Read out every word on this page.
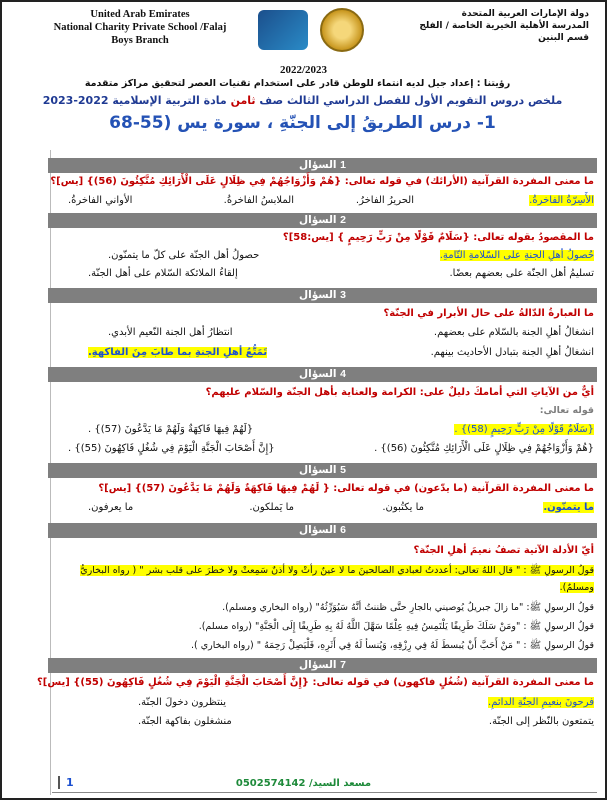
United Arab Emirates
National Charity Private School /Falaj
Boys Branch
دولة الإمارات العربية المتحدة
المدرسة الأهلية الخيرية الخاصة / الفلج
قسم البنين
2022/2023
رؤيتنا : إعداد جيل لديه انتماء للوطن قادر على استخدام تقنيات العصر لتحقيق مراكز متقدمة
ملخص دروس التقويم الأول للفصل الدراسي الثالث صف ثامن مادة التربية الإسلامية 2022-2023
1- درس الطريقُ إلى الجنّةِ ، سورة يس (55-68
1 السؤال
ما معنى المفردة القرآنية (الأرائك) في قوله تعالى: {هُمْ وَأَزْوَاجُهُمْ فِي ظِلَالٍ عَلَى الْأَرَائِكِ مُتَّكِئُونَ (56)} [يس]؟
الأَسِرّةُ الفاخرةُ.
الحريرُ الفاخرُ.
الملابسُ الفاخرةُ.
الأواني الفاخرةُ.
2 السؤال
ما المقصودُ بقوله تعالى: {سَلَامٌ قَوْلًا مِنْ رَبٍّ رَحِيمٍ } [يس:58]؟
حُصولُ أهلِ الجنةِ على السّلامةِ التّامةِ.
حصولُ أهل الجنّة على كلّ ما يتمنّون.
تسليمُ أهل الجنّة على بعضهم بعضًا.
إلقاءُ الملائكة السّلام على أهل الجنّة.
3 السؤال
ما العبارةُ الدّالةُ على حال الأبرار في الجنّة؟
انشغالُ أهلِ الجنة بالسّلام على بعضهم.
انتظارُ أهل الجنة النّعيم الأبدي.
انشغالُ أهلِ الجنة بتبادل الأحاديث بينهم.
تَمَتُّعُ أهلِ الجنةِ بما طابَ مِنَ الفاكهةِ.
4 السؤال
أيٌّ من الآياتِ التي أمامكَ دليلٌ على: الكرامة والعناية بأهل الجنّة والسّلام عليهم؟
قوله تعالى:
{سَلَامٌ قَوْلًا مِنْ رَبٍّ رَحِيمٍ (58)} .
{لَهُمْ فِيهَا فَاكِهَةٌ وَلَهُمْ مَا يَدَّعُونَ (57)} .
{هُمْ وَأَزْوَاجُهُمْ فِي ظِلَالٍ عَلَى الْأَرَائِكِ مُتَّكِئُونَ (56)} .
{إِنَّ أَصْحَابَ الْجَنَّةِ الْيَوْمَ فِي شُغُلٍ فَاكِهُونَ (55)} .
5 السؤال
ما معنى المفردة القرآنية (ما يدّعون) في قوله تعالى: { لَهُمْ فِيهَا فَاكِهَةٌ وَلَهُمْ مَا يَدَّعُونَ (57)} [يس]؟
ما يتمنّون.
ما يكتُبون.
ما يَملكون.
ما يعرفون.
6 السؤال
أيّ الأدلة الآتية تصفُ نعيمَ أهلِ الجنّة؟
قولُ الرسولِ ﷺ : " قال اللهُ تعالى: أعددتُ لعبادي الصالحينَ ما لا عينٌ رأتْ ولا أذنٌ سَمِعتْ ولا خطرَ على قلب بشر " ( رواه البخاريُّ ومسلمٌ).
قولُ الرسولِ ﷺ: "ما زالَ جبريلُ يُوصيني بالجارِ حتَّى ظننتُ أنَّهُ سَيُوَرِّثُهُ" (رواه البخاري ومسلم).
قولُ الرسولِ ﷺ : "ومَنْ سَلَكَ طَرِيقًا يَلْتَمِسُ فِيهِ عِلْمًا سَهَّلَ اللَّهُ لَهُ بِهِ طَرِيقًا إِلَى الْجَنَّةِ" (رواه مسلم).
قولُ الرسولِ ﷺ : " مَنْ أَحَبَّ أَنْ يُبسطَ لَهُ فِي رِزْقِهِ، وَيُنسأ لَهُ فِي أَثَرِهِ، فَلْيَصِلْ رَحِمَهُ " (رواه البخاري ).
7 السؤال
ما معنى المفردة القرآنية (شُغُلٍ فاكهون) في قوله تعالى: {إِنَّ أَصْحَابَ الْجَنَّةِ الْيَوْمَ فِي شُغُلٍ فَاكِهُونَ (55)} [يس]؟
فرحونَ بنعيمِ الجنّةِ الدائمِ.
ينتظرون دخولَ الجنّة.
يتمتعون بالنّظر إلى الجنّة.
منشغلون بفاكهة الجنّة.
1	مسعد السيد/ 0502574142
